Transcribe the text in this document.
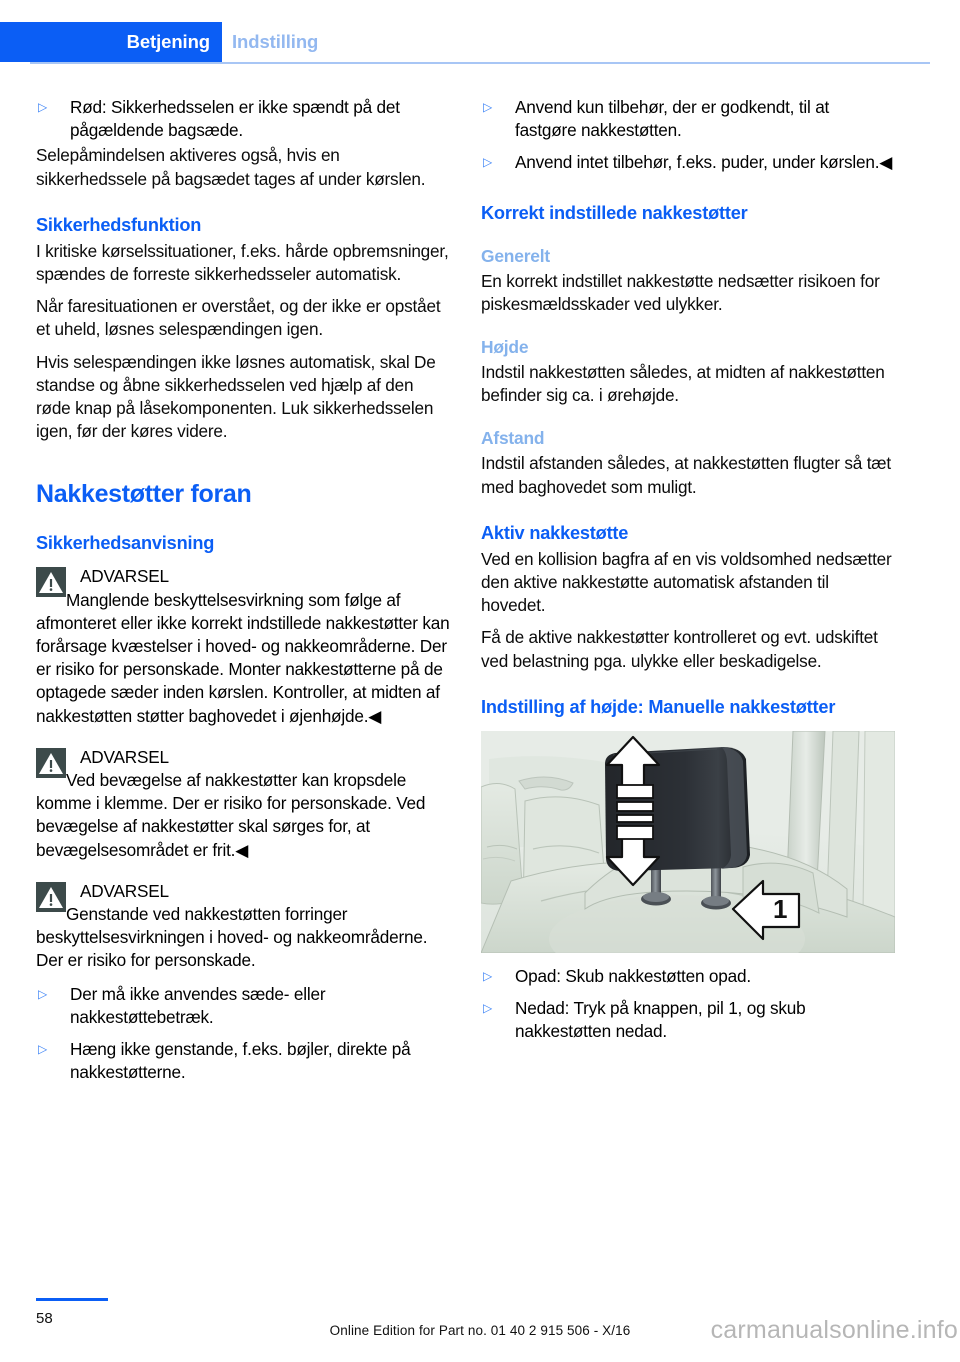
Betjening	Indstilling
▷	Rød: Sikkerhedsselen er ikke spændt på det pågældende bagsæde.

Selepåmindelsen aktiveres også, hvis en sikkerhedssele på bagsædet tages af under kørslen.

Sikkerhedsfunktion

I kritiske kørselssituationer, f.eks. hårde opbremsninger, spændes de forreste sikkerhedsseler automatisk.

Når faresituationen er overstået, og der ikke er opstået et uheld, løsnes selespændingen igen.

Hvis selespændingen ikke løsnes automatisk, skal De standse og åbne sikkerhedsselen ved hjælp af den røde knap på låsekomponenten. Luk sikkerhedsselen igen, før der køres videre.

Nakkestøtter foran
Sikkerhedsanvisning

ADVARSEL

Manglende beskyttelsesvirkning som følge af afmonteret eller ikke korrekt indstillede nakkestøtter kan forårsage kvæstelser i hoved- og nakkeområderne. Der er risiko for personskade. Monter nakkestøtterne på de optagede sæder inden kørslen. Kontroller, at midten af nakkestøtten støtter baghovedet i øjenhøjde.◀

ADVARSEL

Ved bevægelse af nakkestøtter kan kropsdele komme i klemme. Der er risiko for personskade. Ved bevægelse af nakkestøtter skal sørges for, at bevægelsesområdet er frit.◀

ADVARSEL

Genstande ved nakkestøtten forringer beskyttelsesvirkningen i hoved- og nakkeområderne. Der er risiko for personskade.

▷	Der må ikke anvendes sæde- eller nakkestøttebetræk.
▷	Hæng ikke genstande, f.eks. bøjler, direkte på nakkestøtterne.
▷	Anvend kun tilbehør, der er godkendt, til at fastgøre nakkestøtten.
▷	Anvend intet tilbehør, f.eks. puder, under kørslen.◀
Korrekt indstillede nakkestøtter
Generelt

En korrekt indstillet nakkestøtte nedsætter risikoen for piskesmældsskader ved ulykker.

Højde

Indstil nakkestøtten således, at midten af nakkestøtten befinder sig ca. i ørehøjde.

Afstand

Indstil afstanden således, at nakkestøtten flugter så tæt med baghovedet som muligt.

Aktiv nakkestøtte

Ved en kollision bagfra af en vis voldsomhed nedsætter den aktive nakkestøtte automatisk afstanden til hovedet.

Få de aktive nakkestøtter kontrolleret og evt. udskiftet ved belastning pga. ulykke eller beskadigelse.

Indstilling af højde: Manuelle nakkestøtter
1
▷	Opad: Skub nakkestøtten opad.
▷	Nedad: Tryk på knappen, pil 1, og skub nakkestøtten nedad.
58
Online Edition for Part no. 01 40 2 915 506 - X/16	carmanualsonline.info
